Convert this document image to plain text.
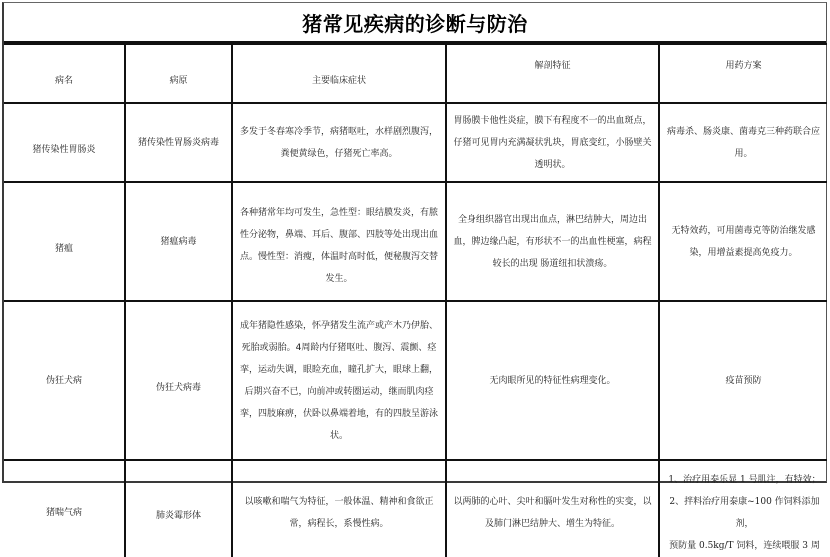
猪常见疾病的诊断与防治
病名	病原	主要临床症状	解剖特征	用药方案
猪传染性胃肠炎	猪传染性胃肠炎病毒	多发于冬春寒冷季节，病猪呕吐，水样剧烈腹泻，粪便黄绿色，仔猪死亡率高。	胃肠膜卡他性炎症，膜下有程度不一的出血斑点，仔猪可见胃内充满凝状乳块，胃底变红，小肠壁关透明状。	病毒杀、肠炎康、菌毒克三种药联合应用。
猪瘟	猪瘟病毒	各种猪常年均可发生，急性型：眼结膜发炎，有脓性分泌物，鼻端、耳后、腹部、四肢等处出现出血点。慢性型：消瘦，体温时高时低，便秘腹泻交替发生。	全身组织器官出现出血点，淋巴结肿大，周边出血，脾边缘凸起，有形状不一的出血性梗塞，病程较长的出现 肠道纽扣状溃疡。	无特效药，可用菌毒克等防治继发感染，用增益素提高免疫力。
伪狂犬病	伪狂犬病毒	成年猪隐性感染，怀孕猪发生流产或产木乃伊胎、死胎或弱胎。4周龄内仔猪呕吐、腹泻、震颤、痉挛，运动失调，眼睑充血，瞳孔扩大，眼球上翻，后期兴奋不已，向前冲或转圈运动，继而肌肉痉挛，四肢麻痹，伏卧以鼻端着地，有的四肢呈游泳状。	无肉眼所见的特征性病理变化。	疫苗预防
猪喘气病	肺炎霉形体	以咳嗽和喘气为特征，一般体温、精神和食欲正常，病程长，系慢性病。	以两肺的心叶、尖叶和膈叶发生对称性的实变，以及肺门淋巴结肿大、增生为特征。	1、治疗用泰乐显 1 号肌注，有特效；
2、拌料治疗用泰康~100 作饲料添加剂，
预防量 0.5kg/T 饲料，连续喂服 3 周
